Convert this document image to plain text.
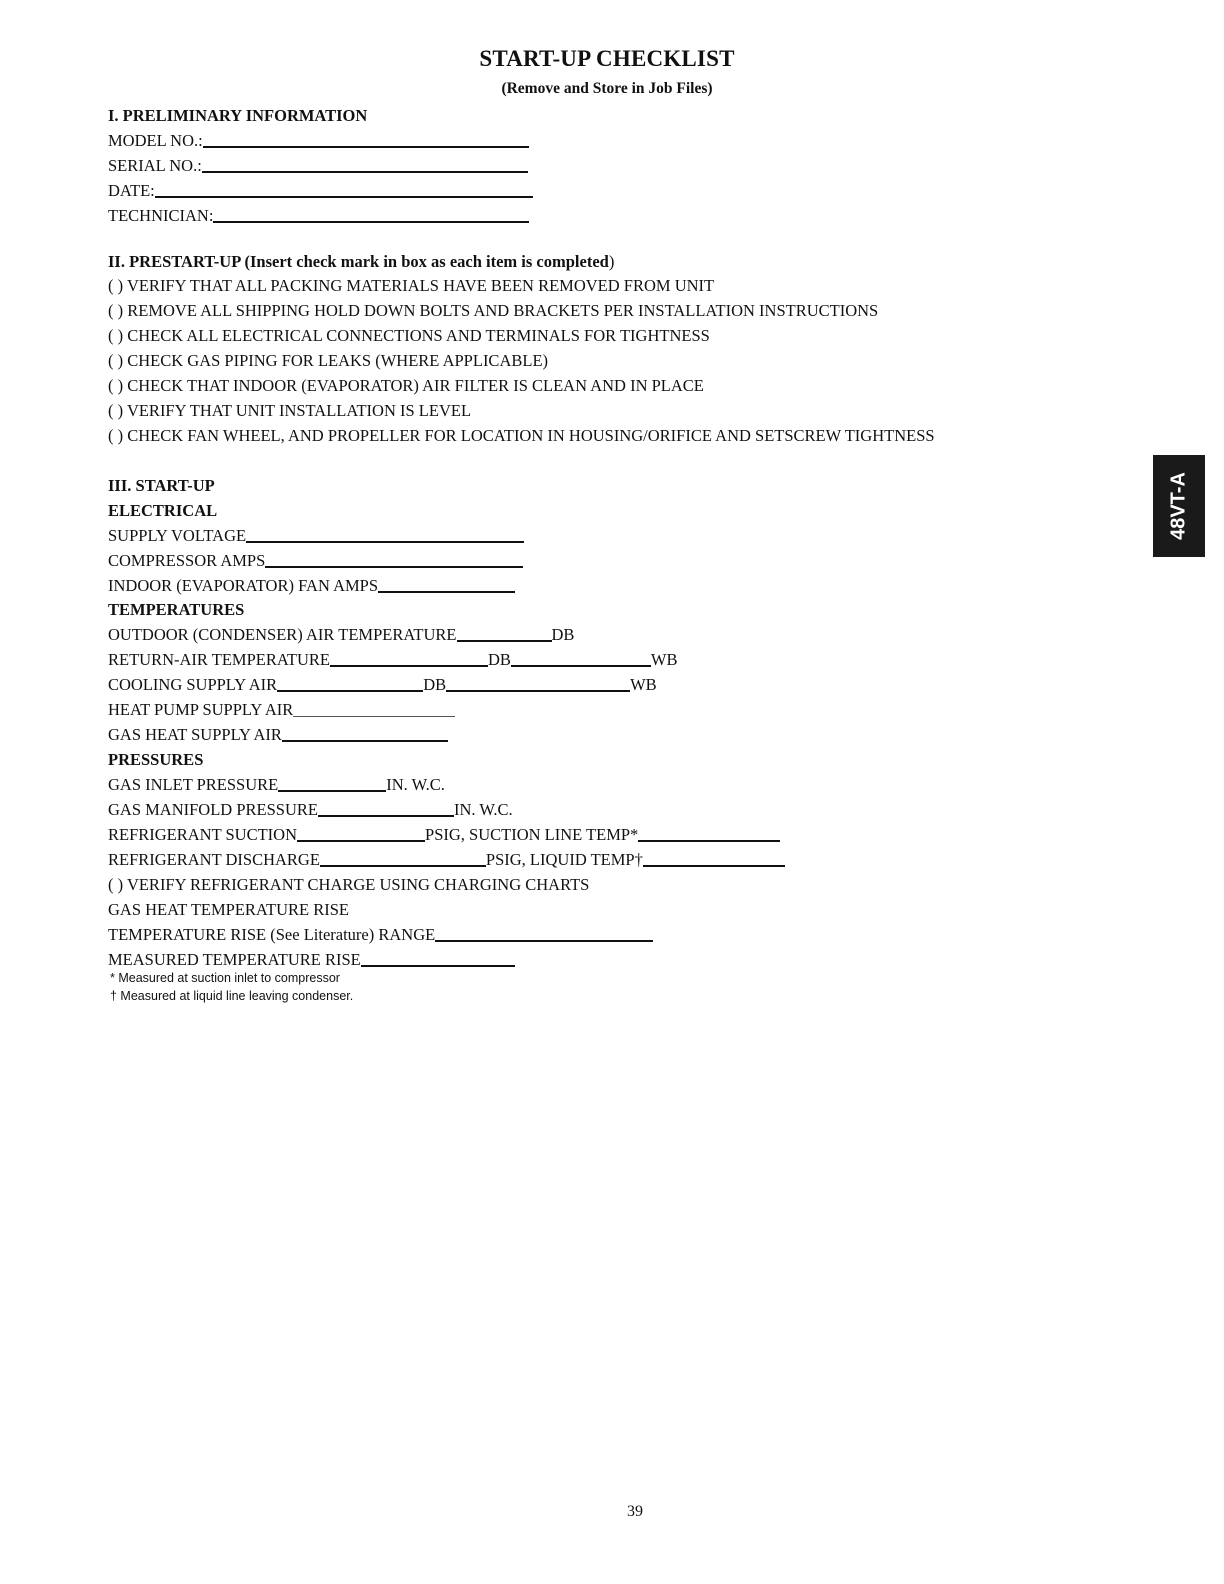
START-UP CHECKLIST
(Remove and Store in Job Files)
I. PRELIMINARY INFORMATION
MODEL NO.:
SERIAL NO.:
DATE:
TECHNICIAN:
II. PRESTART-UP (Insert check mark in box as each item is completed )
( ) VERIFY THAT ALL PACKING MATERIALS HAVE BEEN REMOVED FROM UNIT
( ) REMOVE ALL SHIPPING HOLD DOWN BOLTS AND BRACKETS PER INSTALLATION INSTRUCTIONS
( ) CHECK ALL ELECTRICAL CONNECTIONS AND TERMINALS FOR TIGHTNESS
( ) CHECK GAS PIPING FOR LEAKS (WHERE APPLICABLE)
( ) CHECK THAT INDOOR (EVAPORATOR) AIR FILTER IS CLEAN AND IN PLACE
( ) VERIFY THAT UNIT INSTALLATION IS LEVEL
( ) CHECK FAN WHEEL, AND PROPELLER FOR LOCATION IN HOUSING/ORIFICE AND SETSCREW TIGHTNESS
III. START-UP
ELECTRICAL
SUPPLY VOLTAGE
COMPRESSOR AMPS
INDOOR (EVAPORATOR) FAN AMPS
TEMPERATURES
OUTDOOR (CONDENSER) AIR TEMPERATURE	DB
RETURN-AIR TEMPERATURE	DB	WB
COOLING SUPPLY AIR	DB	WB
HEAT PUMP SUPPLY AIR
GAS HEAT SUPPLY AIR
PRESSURES
GAS INLET PRESSURE	IN. W.C.
GAS MANIFOLD PRESSURE	IN. W.C.
REFRIGERANT SUCTION	PSIG, SUCTION LINE TEMP*
REFRIGERANT DISCHARGE	PSIG, LIQUID TEMP†
( ) VERIFY REFRIGERANT CHARGE USING CHARGING CHARTS
GAS HEAT TEMPERATURE RISE
TEMPERATURE RISE (See Literature) RANGE
MEASURED TEMPERATURE RISE
* Measured at suction inlet to compressor
† Measured at liquid line leaving condenser.
48VT-A
39
